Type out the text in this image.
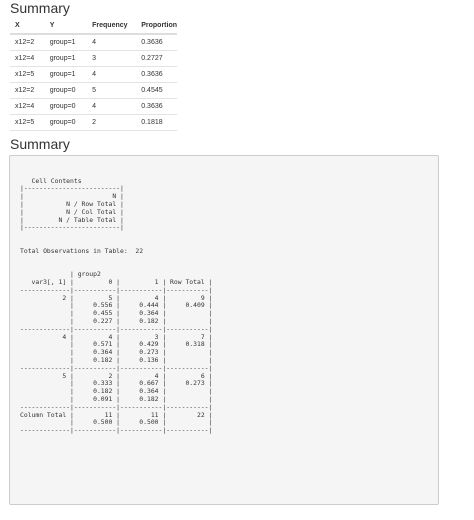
Summary
X	Y	Frequency	Proportion
x12=2	group=1	4	0.3636
x12=4	group=1	3	0.2727
x12=5	group=1	4	0.3636
x12=2	group=0	5	0.4545
x12=4	group=0	4	0.3636
x12=5	group=0	2	0.1818
Summary

Cell Contents
|-------------------------|
|                       N |
|           N / Row Total |
|           N / Col Total |
|         N / Table Total |
|-------------------------|

Total Observations in Table:  22

| group2
var3[, 1] |         0 |         1 | Row Total |
-------------|-----------|-----------|-----------|
2 |         5 |         4 |         9 |
|     0.556 |     0.444 |     0.409 |
|     0.455 |     0.364 |           |
|     0.227 |     0.182 |           |
-------------|-----------|-----------|-----------|
4 |         4 |         3 |         7 |
|     0.571 |     0.429 |     0.318 |
|     0.364 |     0.273 |           |
|     0.182 |     0.136 |           |
-------------|-----------|-----------|-----------|
5 |         2 |         4 |         6 |
|     0.333 |     0.667 |     0.273 |
|     0.182 |     0.364 |           |
|     0.091 |     0.182 |           |
-------------|-----------|-----------|-----------|
Column Total |        11 |        11 |        22 |
|     0.500 |     0.500 |           |
-------------|-----------|-----------|-----------|
